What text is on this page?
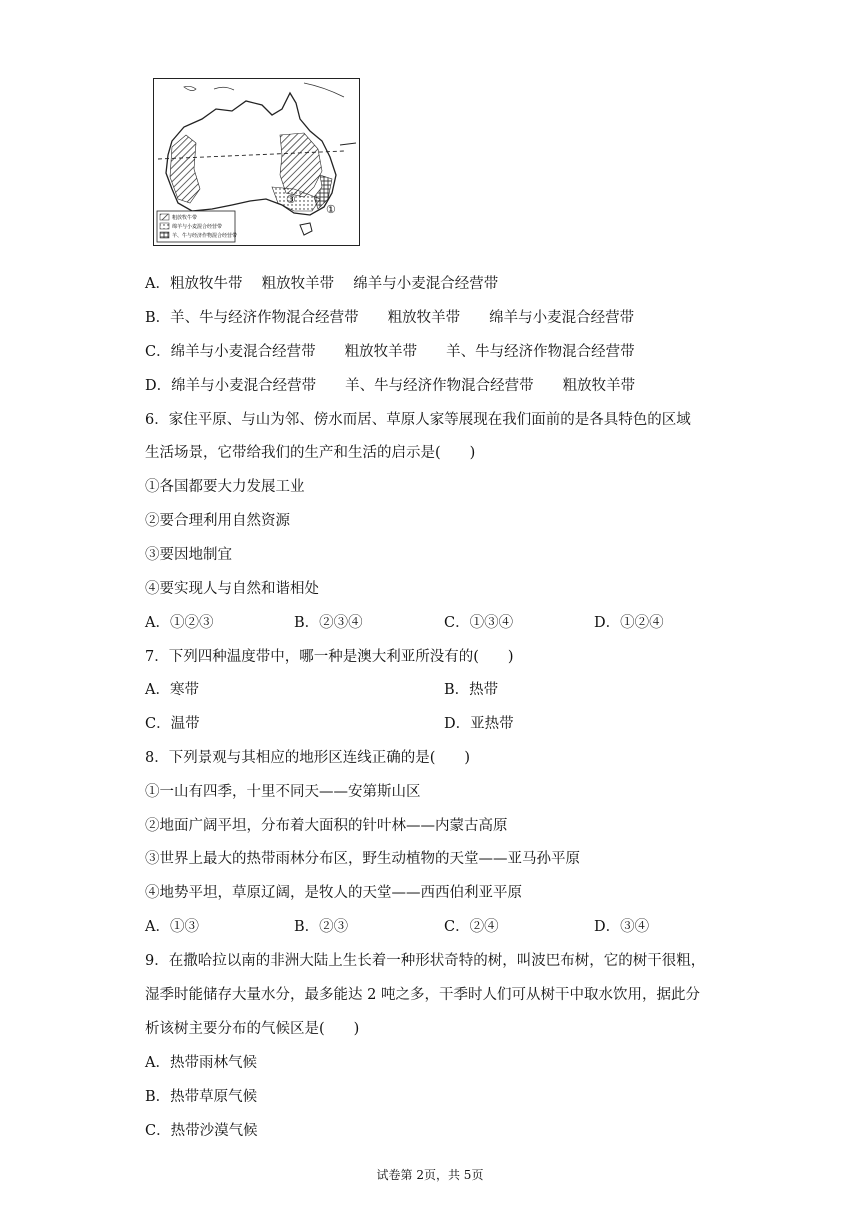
③
①
粗放牧牛带
绵羊与小麦混合经营带
羊、牛与经济作物混合经营带
A．粗放牧牛带　 粗放牧羊带　 绵羊与小麦混合经营带
B．羊、牛与经济作物混合经营带　　粗放牧羊带　　绵羊与小麦混合经营带
C．绵羊与小麦混合经营带　　粗放牧羊带　　羊、牛与经济作物混合经营带
D．绵羊与小麦混合经营带　　羊、牛与经济作物混合经营带　　粗放牧羊带
6．家住平原、与山为邻、傍水而居、草原人家等展现在我们面前的是各具特色的区域
生活场景，它带给我们的生产和生活的启示是(　　)
①各国都要大力发展工业
②要合理利用自然资源
③要因地制宜
④要实现人与自然和谐相处
A．①②③	B．②③④	C．①③④	D．①②④
7．下列四种温度带中，哪一种是澳大利亚所没有的(　　)
A．寒带	B．热带
C．温带	D．亚热带
8．下列景观与其相应的地形区连线正确的是(　　)
①一山有四季，十里不同天——安第斯山区
②地面广阔平坦，分布着大面积的针叶林——内蒙古高原
③世界上最大的热带雨林分布区，野生动植物的天堂——亚马孙平原
④地势平坦，草原辽阔，是牧人的天堂——西西伯利亚平原
A．①③	B．②③	C．②④	D．③④
9．在撒哈拉以南的非洲大陆上生长着一种形状奇特的树，叫波巴布树，它的树干很粗，
湿季时能储存大量水分，最多能达 2 吨之多，干季时人们可从树干中取水饮用，据此分
析该树主要分布的气候区是(　　)
A．热带雨林气候
B．热带草原气候
C．热带沙漠气候
试卷第 2页，共 5页
